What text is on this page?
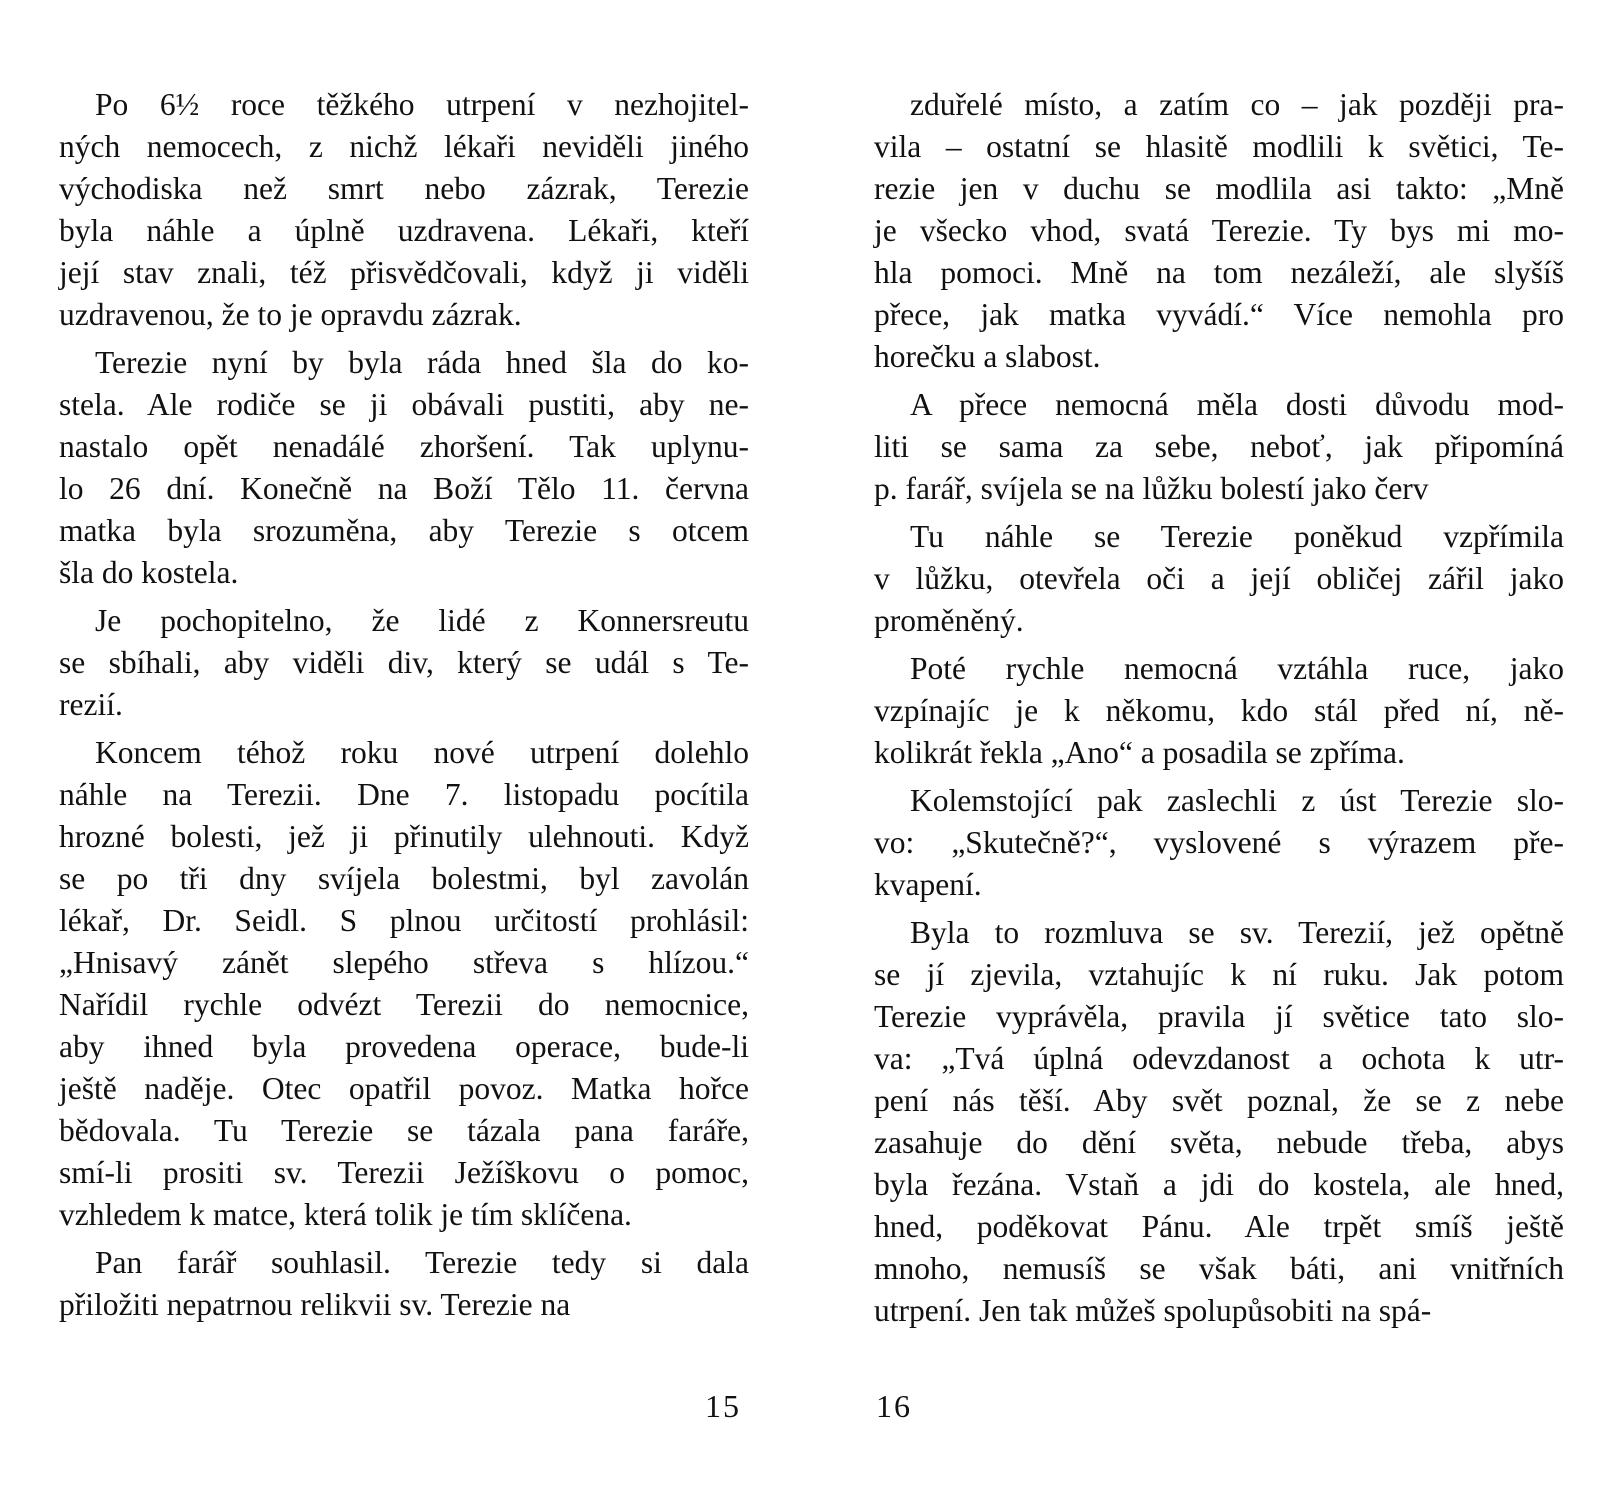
Po 6½ roce těžkého utrpení v nezhojitel-
ných nemocech, z nichž lékaři neviděli jiného
východiska než smrt nebo zázrak, Terezie
byla náhle a úplně uzdravena. Lékaři, kteří
její stav znali, též přisvědčovali, když ji viděli
uzdravenou, že to je opravdu zázrak.
Terezie nyní by byla ráda hned šla do ko-
stela. Ale rodiče se ji obávali pustiti, aby ne-
nastalo opět nenadálé zhoršení. Tak uplynu-
lo 26 dní. Konečně na Boží Tělo 11. června
matka byla srozuměna, aby Terezie s otcem
šla do kostela.
Je pochopitelno, že lidé z Konnersreutu
se sbíhali, aby viděli div, který se udál s Te-
rezií.
Koncem téhož roku nové utrpení dolehlo
náhle na Terezii. Dne 7. listopadu pocítila
hrozné bolesti, jež ji přinutily ulehnouti. Když
se po tři dny svíjela bolestmi, byl zavolán
lékař, Dr. Seidl. S plnou určitostí prohlásil:
„Hnisavý zánět slepého střeva s hlízou.“
Nařídil rychle odvézt Terezii do nemocnice,
aby ihned byla provedena operace, bude-li
ještě naděje. Otec opatřil povoz. Matka hořce
bědovala. Tu Terezie se tázala pana faráře,
smí-li prositi sv. Terezii Ježíškovu o pomoc,
vzhledem k matce, která tolik je tím sklíčena.
Pan farář souhlasil. Terezie tedy si dala
přiložiti nepatrnou relikvii sv. Terezie na
zduřelé místo, a zatím co – jak později pra-
vila – ostatní se hlasitě modlili k světici, Te-
rezie jen v duchu se modlila asi takto: „Mně
je všecko vhod, svatá Terezie. Ty bys mi mo-
hla pomoci. Mně na tom nezáleží, ale slyšíš
přece, jak matka vyvádí.“ Více nemohla pro
horečku a slabost.
A přece nemocná měla dosti důvodu mod-
liti se sama za sebe, neboť, jak připomíná
p. farář, svíjela se na lůžku bolestí jako červ
Tu náhle se Terezie poněkud vzpřímila
v lůžku, otevřela oči a její obličej zářil jako
proměněný.
Poté rychle nemocná vztáhla ruce, jako
vzpínajíc je k někomu, kdo stál před ní, ně-
kolikrát řekla „Ano“ a posadila se zpříma.
Kolemstojící pak zaslechli z úst Terezie slo-
vo: „Skutečně?“, vyslovené s výrazem pře-
kvapení.
Byla to rozmluva se sv. Terezií, jež opětně
se jí zjevila, vztahujíc k ní ruku. Jak potom
Terezie vyprávěla, pravila jí světice tato slo-
va: „Tvá úplná odevzdanost a ochota k utr-
pení nás těší. Aby svět poznal, že se z nebe
zasahuje do dění světa, nebude třeba, abys
byla řezána. Vstaň a jdi do kostela, ale hned,
hned, poděkovat Pánu. Ale trpět smíš ještě
mnoho, nemusíš se však báti, ani vnitřních
utrpení. Jen tak můžeš spolupůsobiti na spá-
15	16
